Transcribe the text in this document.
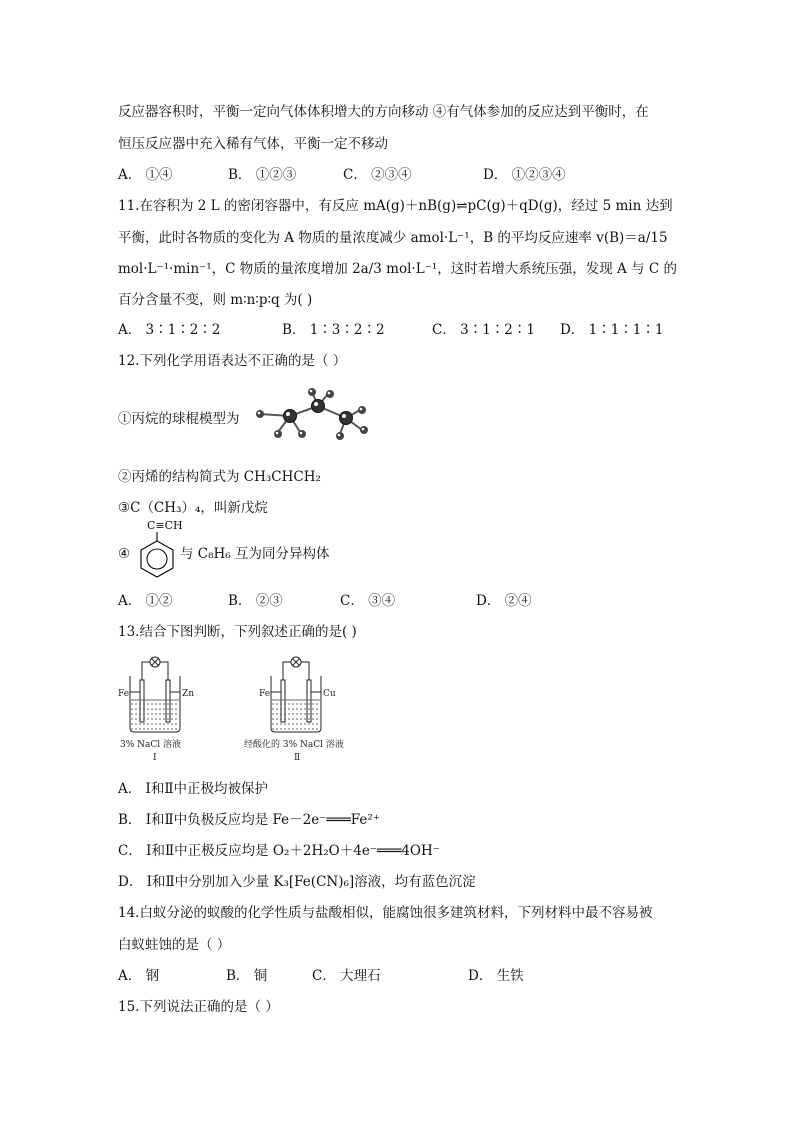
反应器容积时，平衡一定向气体体积增大的方向移动 ④有气体参加的反应达到平衡时，在
恒压反应器中充入稀有气体，平衡一定不移动
A． ①④	B． ①②③	C． ②③④	D． ①②③④
11.在容积为 2 L 的密闭容器中，有反应 mA(g)＋nB(g)⇌pC(g)＋qD(g)，经过 5 min 达到
平衡，此时各物质的变化为 A 物质的量浓度减少 amol·L⁻¹，B 的平均反应速率 v(B)＝a/15
mol·L⁻¹·min⁻¹，C 物质的量浓度增加 2a/3 mol·L⁻¹，这时若增大系统压强，发现 A 与 C 的
百分含量不变，则 m∶n∶p∶q 为( )
A． 3∶1∶2∶2	B． 1∶3∶2∶2	C． 3∶1∶2∶1 D． 1∶1∶1∶1
12.下列化学用语表达不正确的是（ ）
①丙烷的球棍模型为
②丙烯的结构简式为 CH₃CHCH₂
③C（CH₃）₄，叫新戊烷
④
C≡CH
与 C₈H₆ 互为同分异构体
A． ①②	B． ②③	C． ③④	D． ②④
13.结合下图判断，下列叙述正确的是( )
Fe	Zn
3% NaCl 溶液
Ⅰ
Fe	Cu
经酸化的 3% NaCl 溶液
Ⅱ
A． Ⅰ和Ⅱ中正极均被保护
B． Ⅰ和Ⅱ中负极反应均是 Fe－2e⁻═══Fe²⁺
C． Ⅰ和Ⅱ中正极反应均是 O₂＋2H₂O＋4e⁻═══4OH⁻
D． Ⅰ和Ⅱ中分别加入少量 K₃[Fe(CN)₆]溶液，均有蓝色沉淀
14.白蚁分泌的蚁酸的化学性质与盐酸相似，能腐蚀很多建筑材料，下列材料中最不容易被
白蚁蛀蚀的是（ ）
A． 钢	B． 铜	C． 大理石	D． 生铁
15.下列说法正确的是（ ）
